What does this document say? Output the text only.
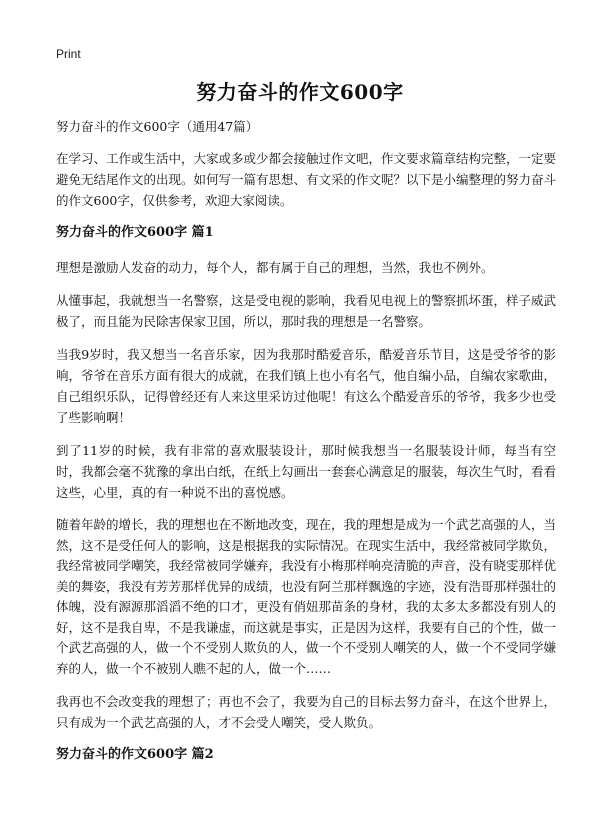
Print
努力奋斗的作文600字

努力奋斗的作文600字（通用47篇）

在学习、工作或生活中，大家或多或少都会接触过作文吧，作文要求篇章结构完整，一定要避免无结尾作文的出现。如何写一篇有思想、有文采的作文呢？以下是小编整理的努力奋斗的作文600字，仅供参考，欢迎大家阅读。

努力奋斗的作文600字 篇1

理想是激励人发奋的动力，每个人，都有属于自己的理想，当然，我也不例外。

从懂事起，我就想当一名警察，这是受电视的影响，我看见电视上的警察抓坏蛋，样子威武极了，而且能为民除害保家卫国，所以，那时我的理想是一名警察。

当我9岁时，我又想当一名音乐家，因为我那时酷爱音乐，酷爱音乐节目，这是受爷爷的影响，爷爷在音乐方面有很大的成就，在我们镇上也小有名气，他自编小品，自编农家歌曲，自己组织乐队，记得曾经还有人来这里采访过他呢！有这么个酷爱音乐的爷爷，我多少也受了些影响啊！

到了11岁的时候，我有非常的喜欢服装设计，那时候我想当一名服装设计师，每当有空时，我都会毫不犹豫的拿出白纸，在纸上勾画出一套套心满意足的服装，每次生气时，看看这些，心里，真的有一种说不出的喜悦感。

随着年龄的增长，我的理想也在不断地改变，现在，我的理想是成为一个武艺高强的人，当然，这不是受任何人的影响，这是根据我的实际情况。在现实生活中，我经常被同学欺负，我经常被同学嘲笑，我经常被同学嫌弃，我没有小梅那样响亮清脆的声音，没有晓雯那样优美的舞姿，我没有芳芳那样优异的成绩，也没有阿兰那样飘逸的字迹，没有浩哥那样强壮的体魄，没有源源那滔滔不绝的口才，更没有俏妞那苗条的身材，我的太多太多都没有别人的好，这不是我自卑，不是我谦虚，而这就是事实，正是因为这样，我要有自己的个性，做一个武艺高强的人，做一个不受别人欺负的人，做一个不受别人嘲笑的人，做一个不受同学嫌弃的人，做一个不被别人瞧不起的人，做一个……

我再也不会改变我的理想了；再也不会了，我要为自己的目标去努力奋斗，在这个世界上，只有成为一个武艺高强的人，才不会受人嘲笑，受人欺负。

努力奋斗的作文600字 篇2
